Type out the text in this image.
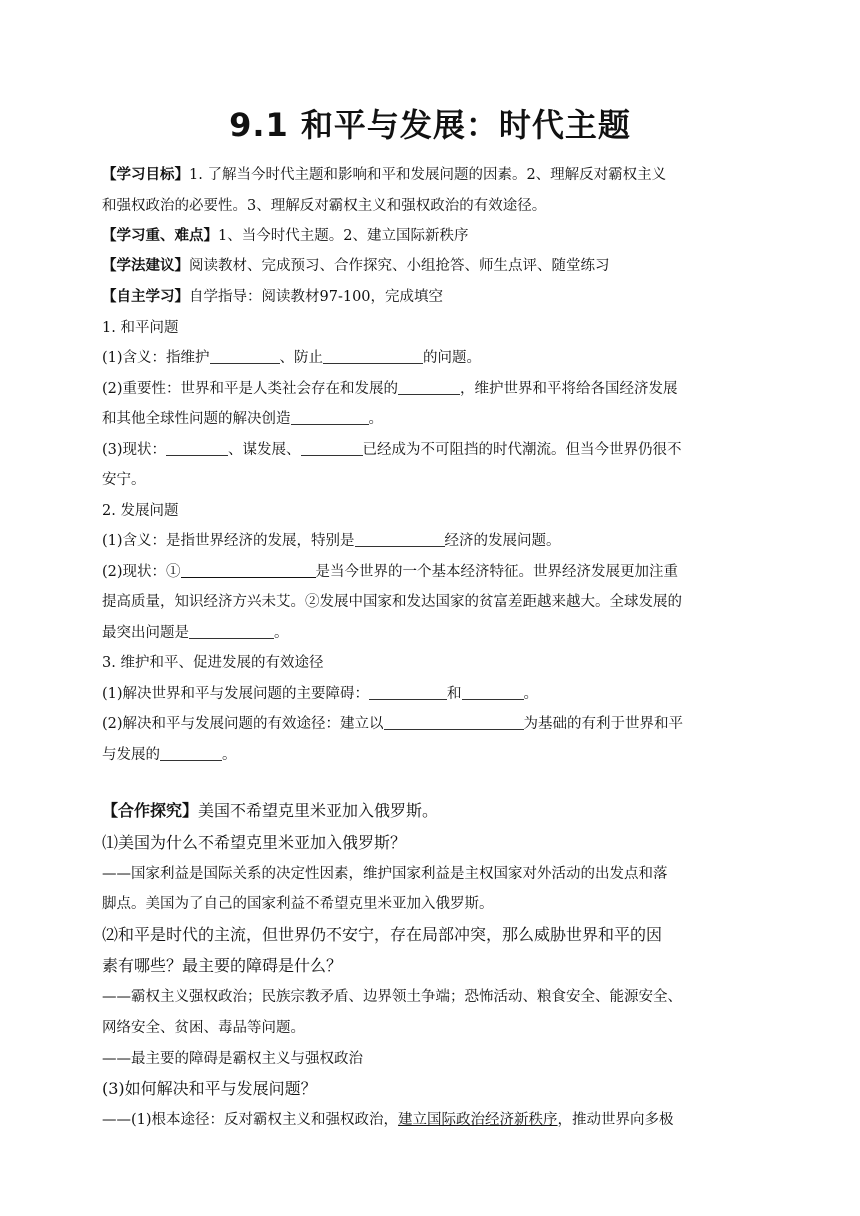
9.1 和平与发展：时代主题
【学习目标】1. 了解当今时代主题和影响和平和发展问题的因素。2、理解反对霸权主义
和强权政治的必要性。3、理解反对霸权主义和强权政治的有效途径。
【学习重、难点】1、当今时代主题。2、建立国际新秩序
【学法建议】阅读教材、完成预习、合作探究、小组抢答、师生点评、随堂练习
【自主学习】自学指导：阅读教材97-100，完成填空
1. 和平问题
(1)含义：指维护	、防止	的问题。
(2)重要性：世界和平是人类社会存在和发展的	，维护世界和平将给各国经济发展
和其他全球性问题的解决创造	。
(3)现状：	、谋发展、	已经成为不可阻挡的时代潮流。但当今世界仍很不
安宁。
2. 发展问题
(1)含义：是指世界经济的发展，特别是	经济的发展问题。
(2)现状：①	是当今世界的一个基本经济特征。世界经济发展更加注重
提高质量，知识经济方兴未艾。②发展中国家和发达国家的贫富差距越来越大。全球发展的
最突出问题是	。
3. 维护和平、促进发展的有效途径
(1)解决世界和平与发展问题的主要障碍：	和	。
(2)解决和平与发展问题的有效途径：建立以	为基础的有利于世界和平
与发展的	。
【合作探究】美国不希望克里米亚加入俄罗斯。
⑴美国为什么不希望克里米亚加入俄罗斯？
——国家利益是国际关系的决定性因素，维护国家利益是主权国家对外活动的出发点和落
脚点。美国为了自己的国家利益不希望克里米亚加入俄罗斯。
⑵和平是时代的主流，但世界仍不安宁，存在局部冲突，那么威胁世界和平的因
素有哪些？最主要的障碍是什么？
——霸权主义强权政治；民族宗教矛盾、边界领土争端；恐怖活动、粮食安全、能源安全、
网络安全、贫困、毒品等问题。
——最主要的障碍是霸权主义与强权政治
(3)如何解决和平与发展问题？
——(1)根本途径：反对霸权主义和强权政治，建立国际政治经济新秩序，推动世界向多极
